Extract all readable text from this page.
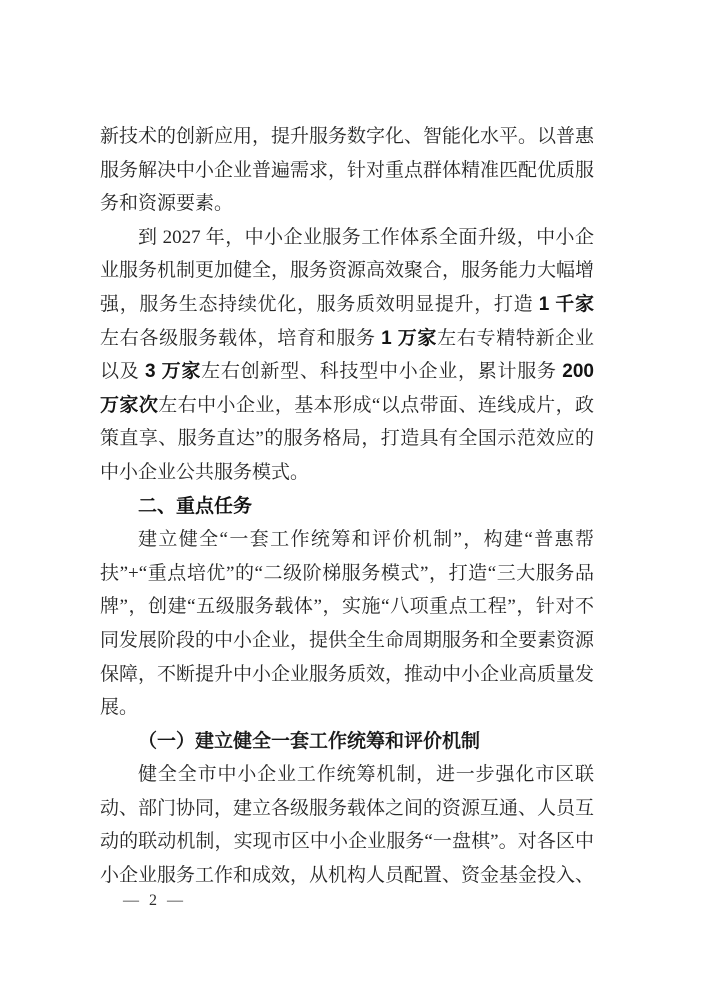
新技术的创新应用，提升服务数字化、智能化水平。以普惠服务解决中小企业普遍需求，针对重点群体精准匹配优质服务和资源要素。

到 2027 年，中小企业服务工作体系全面升级，中小企业服务机制更加健全，服务资源高效聚合，服务能力大幅增强，服务生态持续优化，服务质效明显提升，打造 1 千家左右各级服务载体，培育和服务 1 万家左右专精特新企业以及 3 万家左右创新型、科技型中小企业，累计服务 200 万家次左右中小企业，基本形成“以点带面、连线成片，政策直享、服务直达”的服务格局，打造具有全国示范效应的中小企业公共服务模式。

二、重点任务

建立健全“一套工作统筹和评价机制”，构建“普惠帮扶”+“重点培优”的“二级阶梯服务模式”，打造“三大服务品牌”，创建“五级服务载体”，实施“八项重点工程”，针对不同发展阶段的中小企业，提供全生命周期服务和全要素资源保障，不断提升中小企业服务质效，推动中小企业高质量发展。

（一）建立健全一套工作统筹和评价机制

健全全市中小企业工作统筹机制，进一步强化市区联动、部门协同，建立各级服务载体之间的资源互通、人员互动的联动机制，实现市区中小企业服务“一盘棋”。对各区中小企业服务工作和成效，从机构人员配置、资金基金投入、

— 2 —
